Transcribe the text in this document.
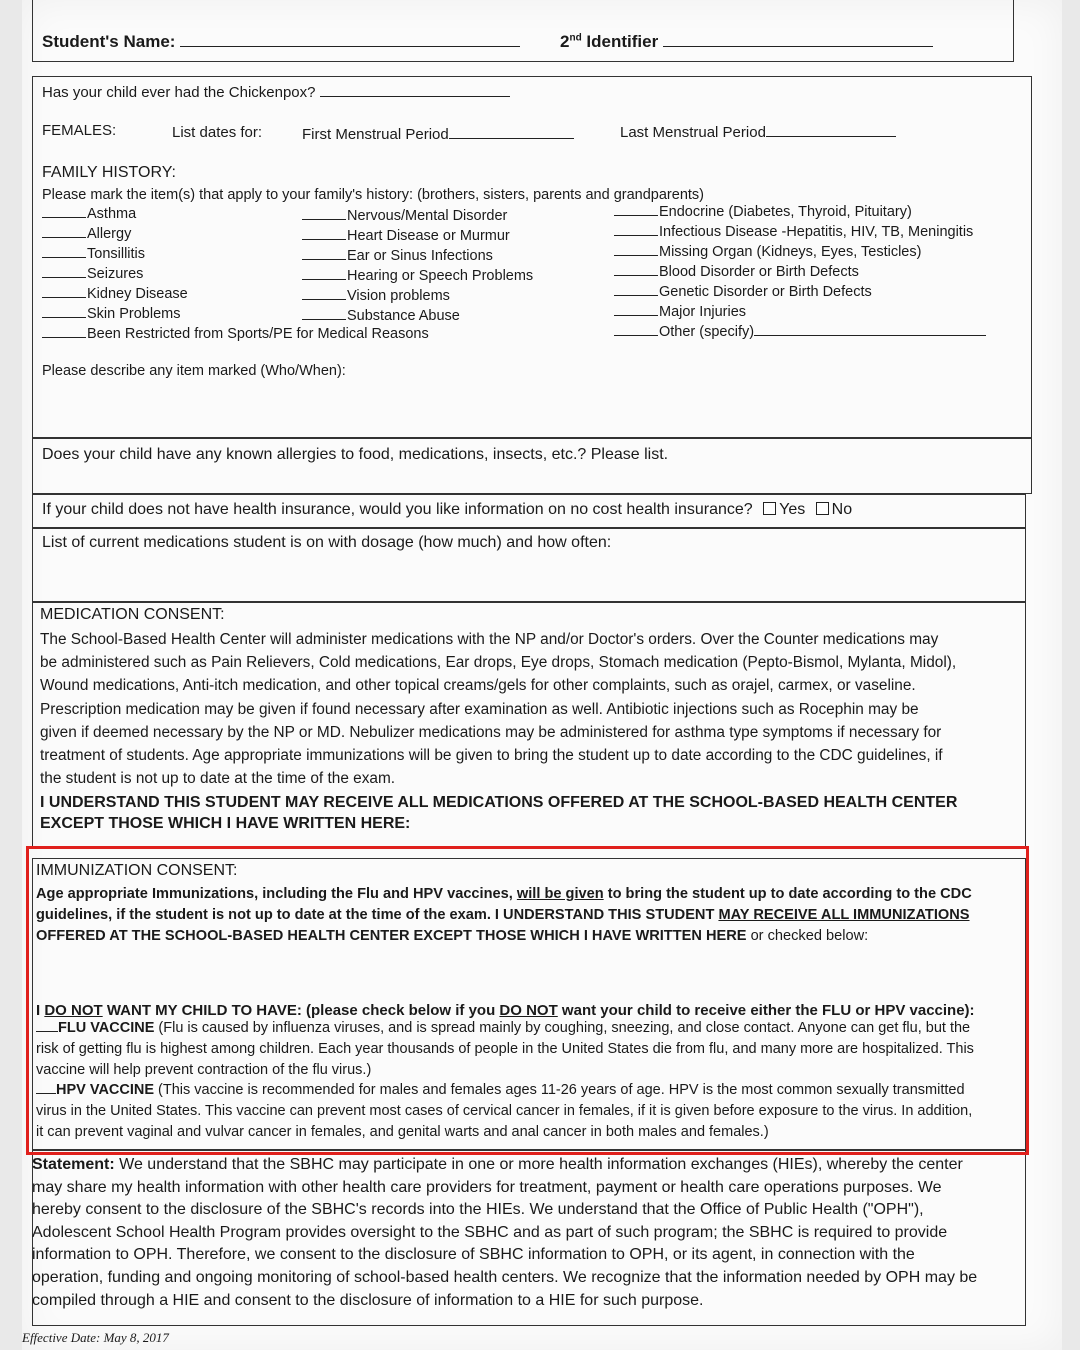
Student's Name:	2nd Identifier
Has your child ever had the Chickenpox?
FEMALES:	List dates for:	First Menstrual Period	Last Menstrual Period
FAMILY HISTORY:
Please mark the item(s) that apply to your family's history: (brothers, sisters, parents and grandparents)
Asthma
Allergy
Tonsillitis
Seizures
Kidney Disease
Skin Problems
Been Restricted from Sports/PE for Medical Reasons
Nervous/Mental Disorder
Heart Disease or Murmur
Ear or Sinus Infections
Hearing or Speech Problems
Vision problems
Substance Abuse
Endocrine (Diabetes, Thyroid, Pituitary)
Infectious Disease -Hepatitis, HIV, TB, Meningitis
Missing Organ (Kidneys, Eyes, Testicles)
Blood Disorder or Birth Defects
Genetic Disorder or Birth Defects
Major Injuries
Other (specify)
Please describe any item marked (Who/When):
Does your child have any known allergies to food, medications, insects, etc.? Please list.
If your child does not have health insurance, would you like information on no cost health insurance? Yes No
List of current medications student is on with dosage (how much) and how often:
MEDICATION CONSENT:
The School-Based Health Center will administer medications with the NP and/or Doctor's orders. Over the Counter medications may
be administered such as Pain Relievers, Cold medications, Ear drops, Eye drops, Stomach medication (Pepto-Bismol, Mylanta, Midol),
Wound medications, Anti-itch medication, and other topical creams/gels for other complaints, such as orajel, carmex, or vaseline.
Prescription medication may be given if found necessary after examination as well. Antibiotic injections such as Rocephin may be
given if deemed necessary by the NP or MD. Nebulizer medications may be administered for asthma type symptoms if necessary for
treatment of students. Age appropriate immunizations will be given to bring the student up to date according to the CDC guidelines, if
the student is not up to date at the time of the exam.
I UNDERSTAND THIS STUDENT MAY RECEIVE ALL MEDICATIONS OFFERED AT THE SCHOOL-BASED HEALTH CENTER
EXCEPT THOSE WHICH I HAVE WRITTEN HERE:
IMMUNIZATION CONSENT:
Age appropriate Immunizations, including the Flu and HPV vaccines, will be given to bring the student up to date according to the CDC
guidelines, if the student is not up to date at the time of the exam. I UNDERSTAND THIS STUDENT MAY RECEIVE ALL IMMUNIZATIONS
OFFERED AT THE SCHOOL-BASED HEALTH CENTER EXCEPT THOSE WHICH I HAVE WRITTEN HERE or checked below:
I DO NOT WANT MY CHILD TO HAVE: (please check below if you DO NOT want your child to receive either the FLU or HPV vaccine):
FLU VACCINE (Flu is caused by influenza viruses, and is spread mainly by coughing, sneezing, and close contact. Anyone can get flu, but the
risk of getting flu is highest among children. Each year thousands of people in the United States die from flu, and many more are hospitalized. This
vaccine will help prevent contraction of the flu virus.)
HPV VACCINE (This vaccine is recommended for males and females ages 11-26 years of age. HPV is the most common sexually transmitted
virus in the United States. This vaccine can prevent most cases of cervical cancer in females, if it is given before exposure to the virus. In addition,
it can prevent vaginal and vulvar cancer in females, and genital warts and anal cancer in both males and females.)
Statement: We understand that the SBHC may participate in one or more health information exchanges (HIEs), whereby the center
may share my health information with other health care providers for treatment, payment or health care operations purposes. We
hereby consent to the disclosure of the SBHC's records into the HIEs. We understand that the Office of Public Health ("OPH"),
Adolescent School Health Program provides oversight to the SBHC and as part of such program; the SBHC is required to provide
information to OPH. Therefore, we consent to the disclosure of SBHC information to OPH, or its agent, in connection with the
operation, funding and ongoing monitoring of school-based health centers. We recognize that the information needed by OPH may be
compiled through a HIE and consent to the disclosure of information to a HIE for such purpose.
Effective Date: May 8, 2017
